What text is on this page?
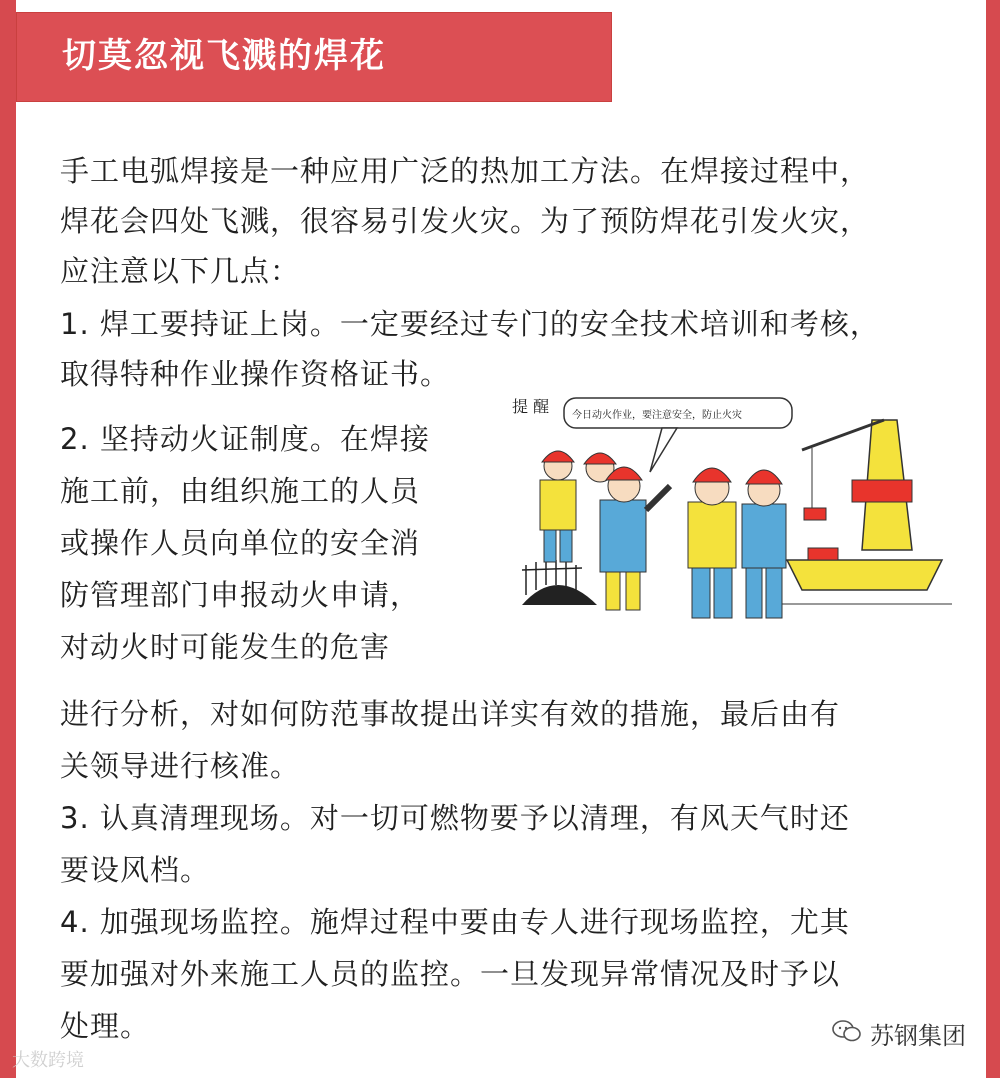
切莫忽视飞溅的焊花

手工电弧焊接是一种应用广泛的热加工方法。在焊接过程中，

焊花会四处飞溅，很容易引发火灾。为了预防焊花引发火灾，

应注意以下几点：

1. 焊工要持证上岗。一定要经过专门的安全技术培训和考核，

取得特种作业操作资格证书。

2. 坚持动火证制度。在焊接

施工前，由组织施工的人员

或操作人员向单位的安全消

防管理部门申报动火申请，

对动火时可能发生的危害

进行分析，对如何防范事故提出详实有效的措施，最后由有

关领导进行核准。

3. 认真清理现场。对一切可燃物要予以清理，有风天气时还

要设风档。

4. 加强现场监控。施焊过程中要由专人进行现场监控，尤其

要加强对外来施工人员的监控。一旦发现异常情况及时予以

处理。

提 醒 今日动火作业，要注意安全，防止火灾
苏钢集团
大数跨境
